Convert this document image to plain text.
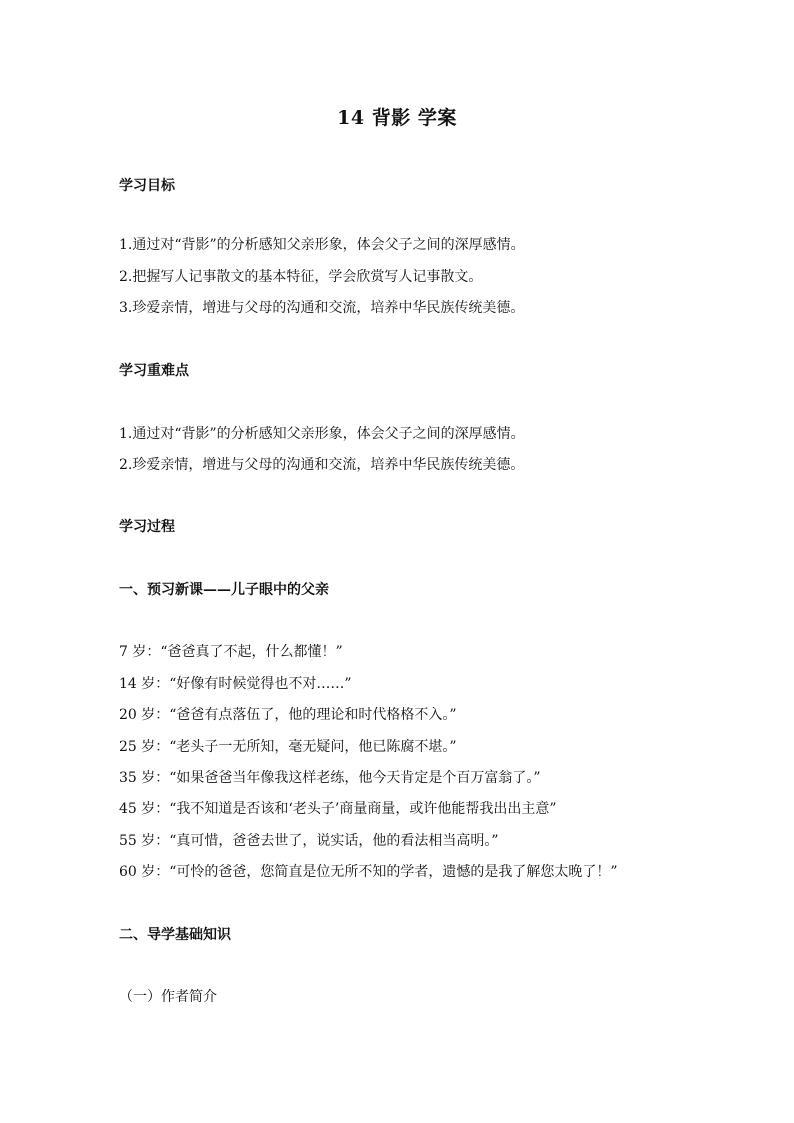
14 背影 学案
学习目标
1.通过对“背影”的分析感知父亲形象，体会父子之间的深厚感情。
2.把握写人记事散文的基本特征，学会欣赏写人记事散文。
3.珍爱亲情，增进与父母的沟通和交流，培养中华民族传统美德。
学习重难点
1.通过对“背影”的分析感知父亲形象，体会父子之间的深厚感情。
2.珍爱亲情，增进与父母的沟通和交流，培养中华民族传统美德。
学习过程
一、预习新课——儿子眼中的父亲
7 岁：“爸爸真了不起，什么都懂！”
14 岁：“好像有时候觉得也不对……”
20 岁：“爸爸有点落伍了，他的理论和时代格格不入。”
25 岁：“老头子一无所知，毫无疑问，他已陈腐不堪。”
35 岁：“如果爸爸当年像我这样老练，他今天肯定是个百万富翁了。”
45 岁：“我不知道是否该和‘老头子’商量商量，或许他能帮我出出主意”
55 岁：“真可惜，爸爸去世了，说实话，他的看法相当高明。”
60 岁：“可怜的爸爸，您简直是位无所不知的学者，遗憾的是我了解您太晚了！”
二、导学基础知识
（一）作者简介
